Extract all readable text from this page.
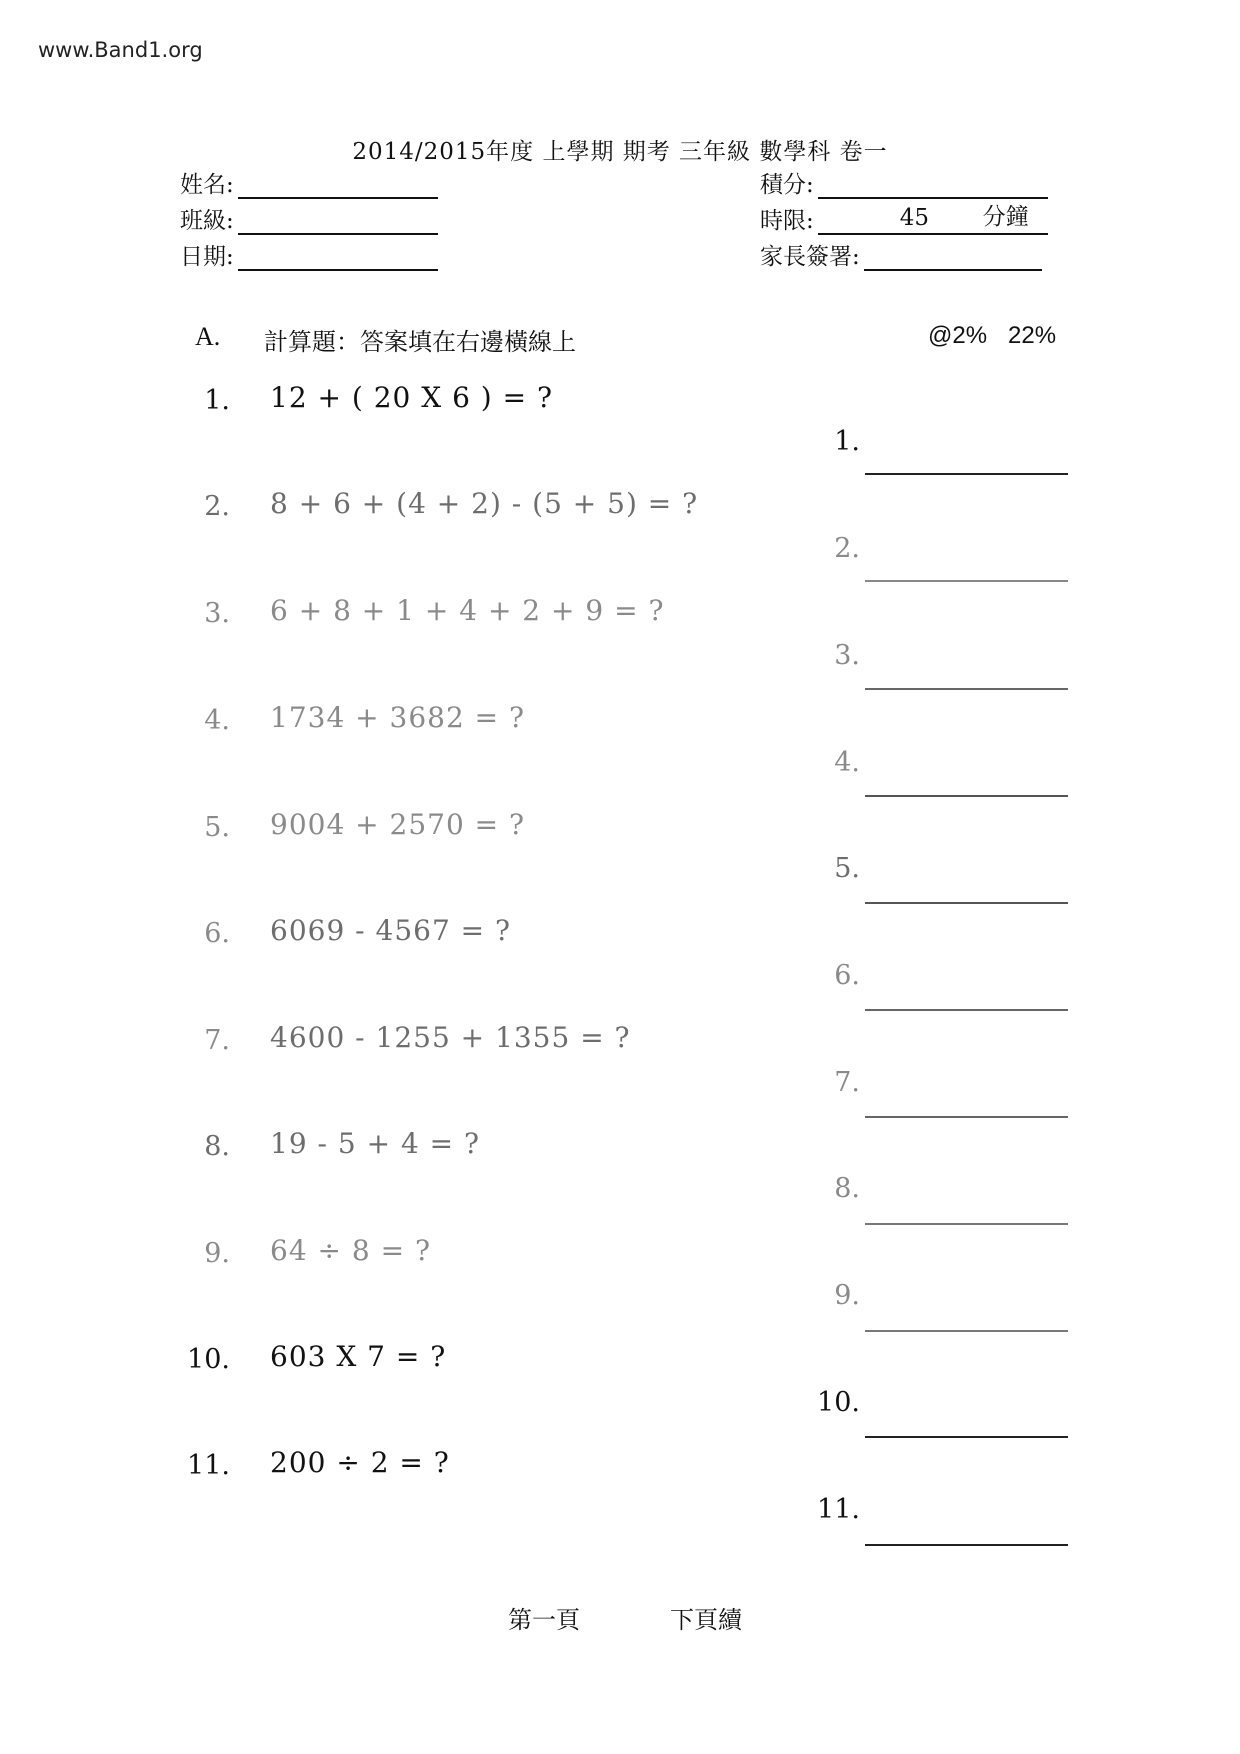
www.Band1.org
2014/2015年度 上學期 期考 三年級 數學科 卷一
姓名:
班級:
日期:
積分:
時限:	45 分鐘
家長簽署:
A. 計算題：答案填在右邊橫線上	@2% 22%
1. 12 + ( 20 X 6 ) = ?
2. 8 + 6 + (4 + 2) - (5 + 5) = ?
3. 6 + 8 + 1 + 4 + 2 + 9 = ?
4. 1734 + 3682 = ?
5. 9004 + 2570 = ?
6. 6069 - 4567 = ?
7. 4600 - 1255 + 1355 = ?
8. 19 - 5 + 4 = ?
9. 64 ÷ 8 = ?
10. 603 X 7 = ?
11. 200 ÷ 2 = ?
1.
2.
3.
4.
5.
6.
7.
8.
9.
10.
11.
第一頁	下頁續
